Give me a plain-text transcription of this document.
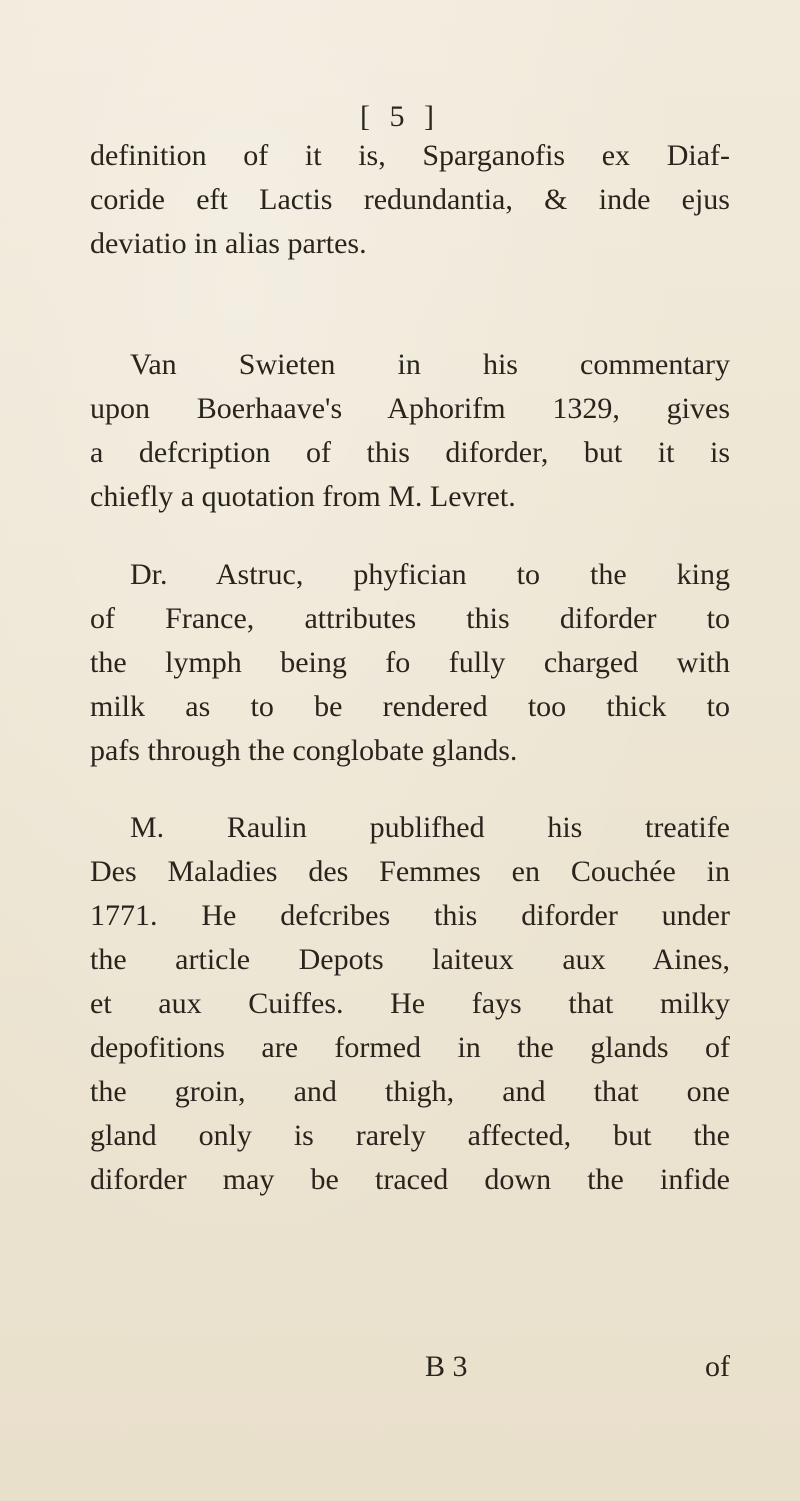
[ 5 ]
definition of it is, Sparganofis ex Diaf-
coride eft Lactis redundantia, & inde ejus
deviatio in alias partes.
Van Swieten in his commentary
upon Boerhaave's Aphorifm 1329, gives
a defcription of this diforder, but it is
chiefly a quotation from M. Levret.
Dr. Astruc, phyfician to the king
of France, attributes this diforder to
the lymph being fo fully charged with
milk as to be rendered too thick to
pafs through the conglobate glands.
M. Raulin publifhed his treatife
Des Maladies des Femmes en Couchée in
1771. He defcribes this diforder under
the article Depots laiteux aux Aines,
et aux Cuiffes. He fays that milky
depofitions are formed in the glands of
the groin, and thigh, and that one
gland only is rarely affected, but the
diforder may be traced down the infide
B 3	of
